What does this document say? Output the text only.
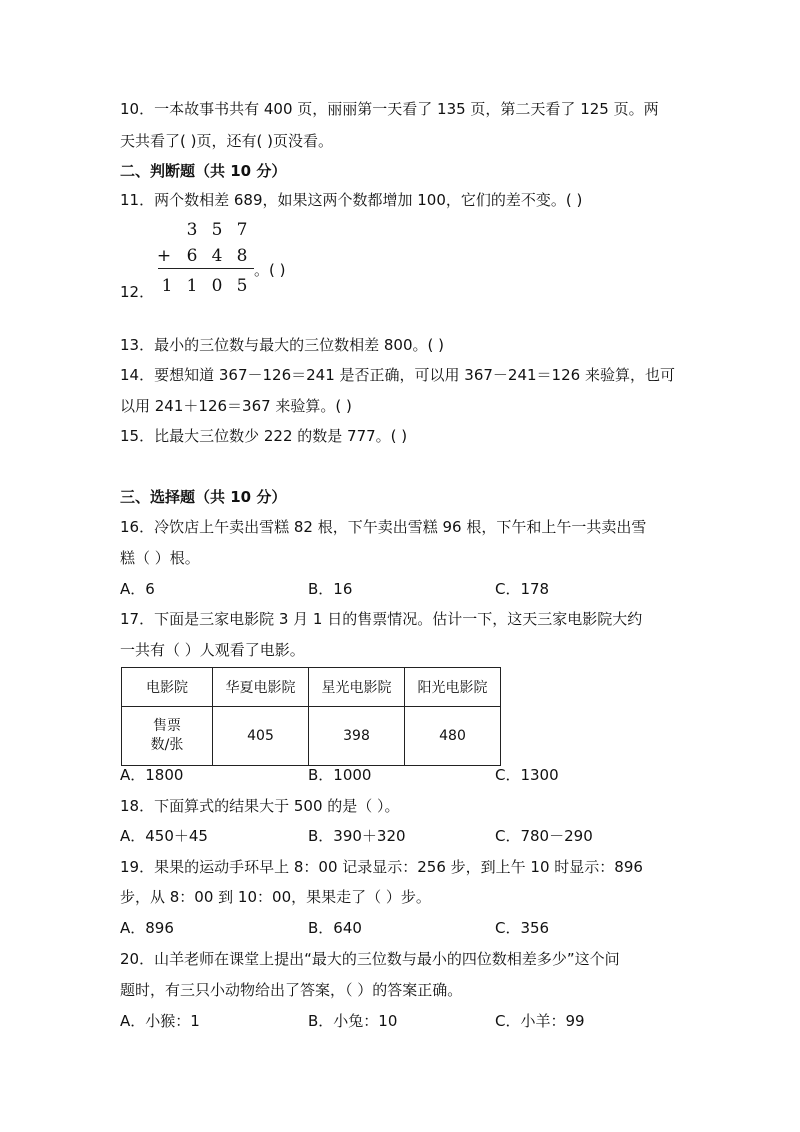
10．一本故事书共有 400 页，丽丽第一天看了 135 页，第二天看了 125 页。两
天共看了( )页，还有( )页没看。
二、判断题（共 10 分）
11．两个数相差 689，如果这两个数都增加 100，它们的差不变。( )
12．
3 5 7
+ 6 4 8
1 1 0 5
。( )
13．最小的三位数与最大的三位数相差 800。( )
14．要想知道 367－126＝241 是否正确，可以用 367－241＝126 来验算，也可
以用 241＋126＝367 来验算。( )
15．比最大三位数少 222 的数是 777。( )
三、选择题（共 10 分）
16．冷饮店上午卖出雪糕 82 根，下午卖出雪糕 96 根，下午和上午一共卖出雪
糕（ ）根。
A．6	B．16	C．178
17．下面是三家电影院 3 月 1 日的售票情况。估计一下，这天三家电影院大约
一共有（ ）人观看了电影。
电影院	华夏电影院	星光电影院	阳光电影院

售票
数/张	405	398	480
A．1800	B．1000	C．1300
18．下面算式的结果大于 500 的是（ ）。
A．450＋45	B．390＋320	C．780－290
19．果果的运动手环早上 8：00 记录显示：256 步，到上午 10 时显示：896
步，从 8：00 到 10：00，果果走了（ ）步。
A．896	B．640	C．356
20．山羊老师在课堂上提出“最大的三位数与最小的四位数相差多少”这个问
题时，有三只小动物给出了答案，（ ）的答案正确。
A．小猴：1	B．小兔：10	C．小羊：99
